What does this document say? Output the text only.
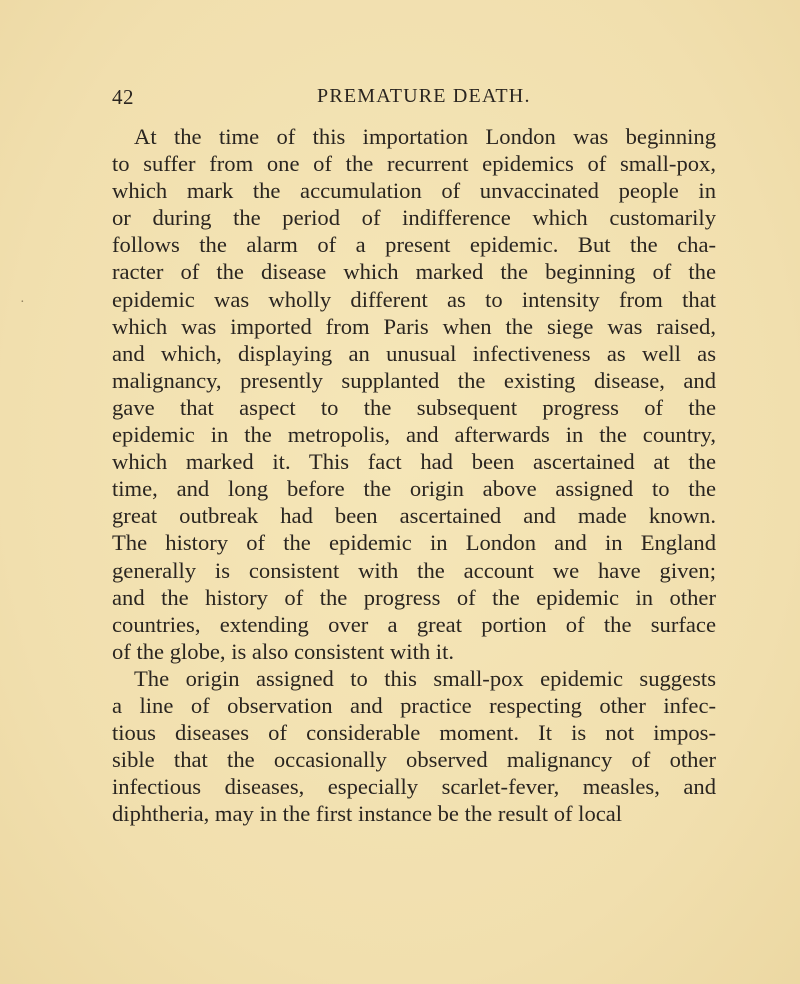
·
42	PREMATURE DEATH.

At the time of this importation London was beginning

to suffer from one of the recurrent epidemics of small-pox,

which mark the accumulation of unvaccinated people in

or during the period of indifference which customarily

follows the alarm of a present epidemic. But the cha-

racter of the disease which marked the beginning of the

epidemic was wholly different as to intensity from that

which was imported from Paris when the siege was raised,

and which, displaying an unusual infectiveness as well as

malignancy, presently supplanted the existing disease, and

gave that aspect to the subsequent progress of the

epidemic in the metropolis, and afterwards in the country,

which marked it. This fact had been ascertained at the

time, and long before the origin above assigned to the

great outbreak had been ascertained and made known.

The history of the epidemic in London and in England

generally is consistent with the account we have given;

and the history of the progress of the epidemic in other

countries, extending over a great portion of the surface

of the globe, is also consistent with it.

The origin assigned to this small-pox epidemic suggests

a line of observation and practice respecting other infec-

tious diseases of considerable moment. It is not impos-

sible that the occasionally observed malignancy of other

infectious diseases, especially scarlet-fever, measles, and

diphtheria, may in the first instance be the result of local
